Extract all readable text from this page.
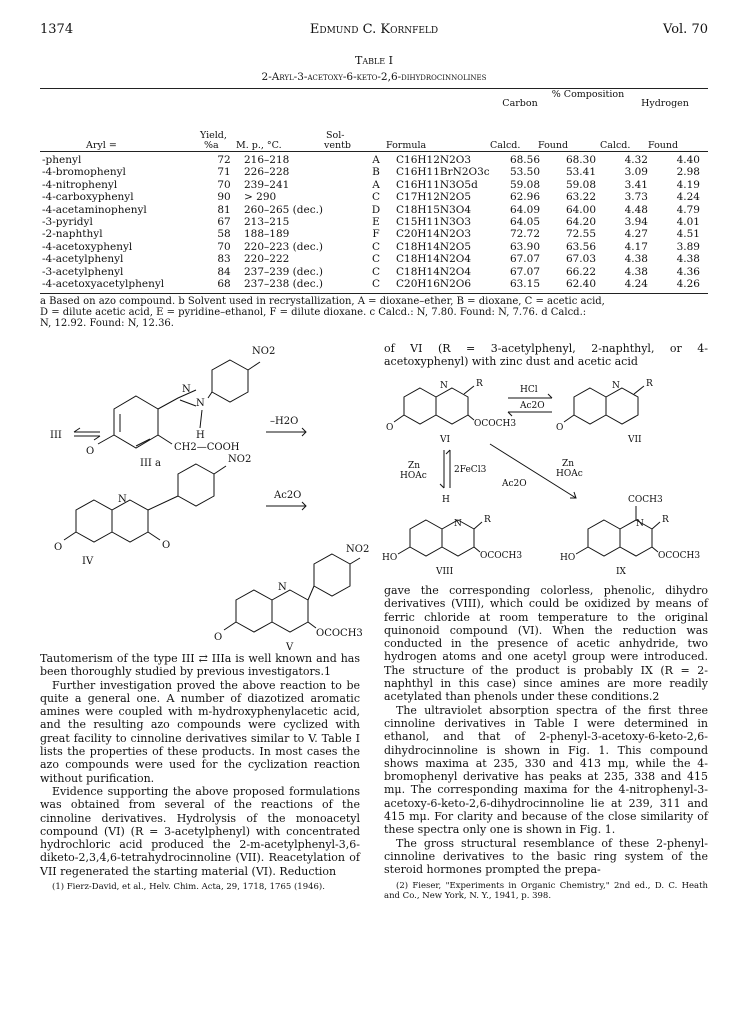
1374	Edmund C. Kornfeld	Vol. 70
Table I
2-Aryl-3-acetoxy-6-keto-2,6-dihydrocinnolines
% Composition
Carbon	Hydrogen
Yield,
%a
Sol-
ventb
Aryl =	M. p., °C.	Formula	Calcd. Found	Calcd. Found
-phenyl	72	216–218	A	C16H12N2O3	68.56	68.30	4.32	4.40
-4-bromophenyl	71	226–228	B	C16H11BrN2O3c	53.50	53.41	3.09	2.98
-4-nitrophenyl	70	239–241	A	C16H11N3O5d	59.08	59.08	3.41	4.19
-4-carboxyphenyl	90	> 290	C	C17H12N2O5	62.96	63.22	3.73	4.24
-4-acetaminophenyl	81	260–265 (dec.)	D	C18H15N3O4	64.09	64.00	4.48	4.79
-3-pyridyl	67	213–215	E	C15H11N3O3	64.05	64.20	3.94	4.01
-2-naphthyl	58	188–189	F	C20H14N2O3	72.72	72.55	4.27	4.51
-4-acetoxyphenyl	70	220–223 (dec.)	C	C18H14N2O5	63.90	63.56	4.17	3.89
-4-acetylphenyl	83	220–222	C	C18H14N2O4	67.07	67.03	4.38	4.38
-3-acetylphenyl	84	237–239 (dec.)	C	C18H14N2O4	67.07	66.22	4.38	4.36
-4-acetoxyacetylphenyl	68	237–238 (dec.)	C	C20H16N2O6	63.15	62.40	4.24	4.26
a Based on azo compound. b Solvent used in recrystallization, A = dioxane–ether, B = dioxane, C = acetic acid,
D = dilute acetic acid, E = pyridine–ethanol, F = dilute dioxane. c Calcd.: N, 7.80. Found: N, 7.76. d Calcd.:
N, 12.92. Found: N, 12.36.
III
N
N
H
NO2
O	CH2—COOH
III a
–H2O
N
NO2
O	O
IV
Ac2O
N
NO2
O	OCOCH3
V

Tautomerism of the type III ⇄ IIIa is well known and has been thoroughly studied by previous investigators.1

Further investigation proved the above reaction to be quite a general one. A number of diazotized aromatic amines were coupled with m-hydroxyphenylacetic acid, and the resulting azo compounds were cyclized with great facility to cinnoline derivatives similar to V. Table I lists the properties of these products. In most cases the azo compounds were used for the cyclization reaction without purification.

Evidence supporting the above proposed formulations was obtained from several of the reactions of the cinnoline derivatives. Hydrolysis of the monoacetyl compound (VI) (R = 3-acetylphenyl) with concentrated hydrochloric acid produced the 2-m-acetylphenyl-3,6-diketo-2,3,4,6-tetrahydrocinnoline (VII). Reacetylation of VII regenerated the starting material (VI). Reduction

(1) Fierz-David, et al., Helv. Chim. Acta, 29, 1718, 1765 (1946).

of VI (R = 3-acetylphenyl, 2-naphthyl, or 4-acetoxyphenyl) with zinc dust and acetic acid
N	R
O	OCOCH3
VI
HCl
Ac2O
N	R
O
VII
Zn
HOAc
2FeCl3
Zn
HOAc
Ac2O
H
N R
HO	OCOCH3
VIII
COCH3
N R
HO	OCOCH3
IX

gave the corresponding colorless, phenolic, dihydro derivatives (VIII), which could be oxidized by means of ferric chloride at room temperature to the original quinonoid compound (VI). When the reduction was conducted in the presence of acetic anhydride, two hydrogen atoms and one acetyl group were introduced. The structure of the product is probably IX (R = 2-naphthyl in this case) since amines are more readily acetylated than phenols under these conditions.2

The ultraviolet absorption spectra of the first three cinnoline derivatives in Table I were determined in ethanol, and that of 2-phenyl-3-acetoxy-6-keto-2,6-dihydrocinnoline is shown in Fig. 1. This compound shows maxima at 235, 330 and 413 mμ, while the 4-bromophenyl derivative has peaks at 235, 338 and 415 mμ. The corresponding maxima for the 4-nitrophenyl-3-acetoxy-6-keto-2,6-dihydrocinnoline lie at 239, 311 and 415 mμ. For clarity and because of the close similarity of these spectra only one is shown in Fig. 1.

The gross structural resemblance of these 2-phenyl-cinnoline derivatives to the basic ring system of the steroid hormones prompted the prepa-

(2) Fieser, "Experiments in Organic Chemistry," 2nd ed., D. C. Heath and Co., New York, N. Y., 1941, p. 398.
